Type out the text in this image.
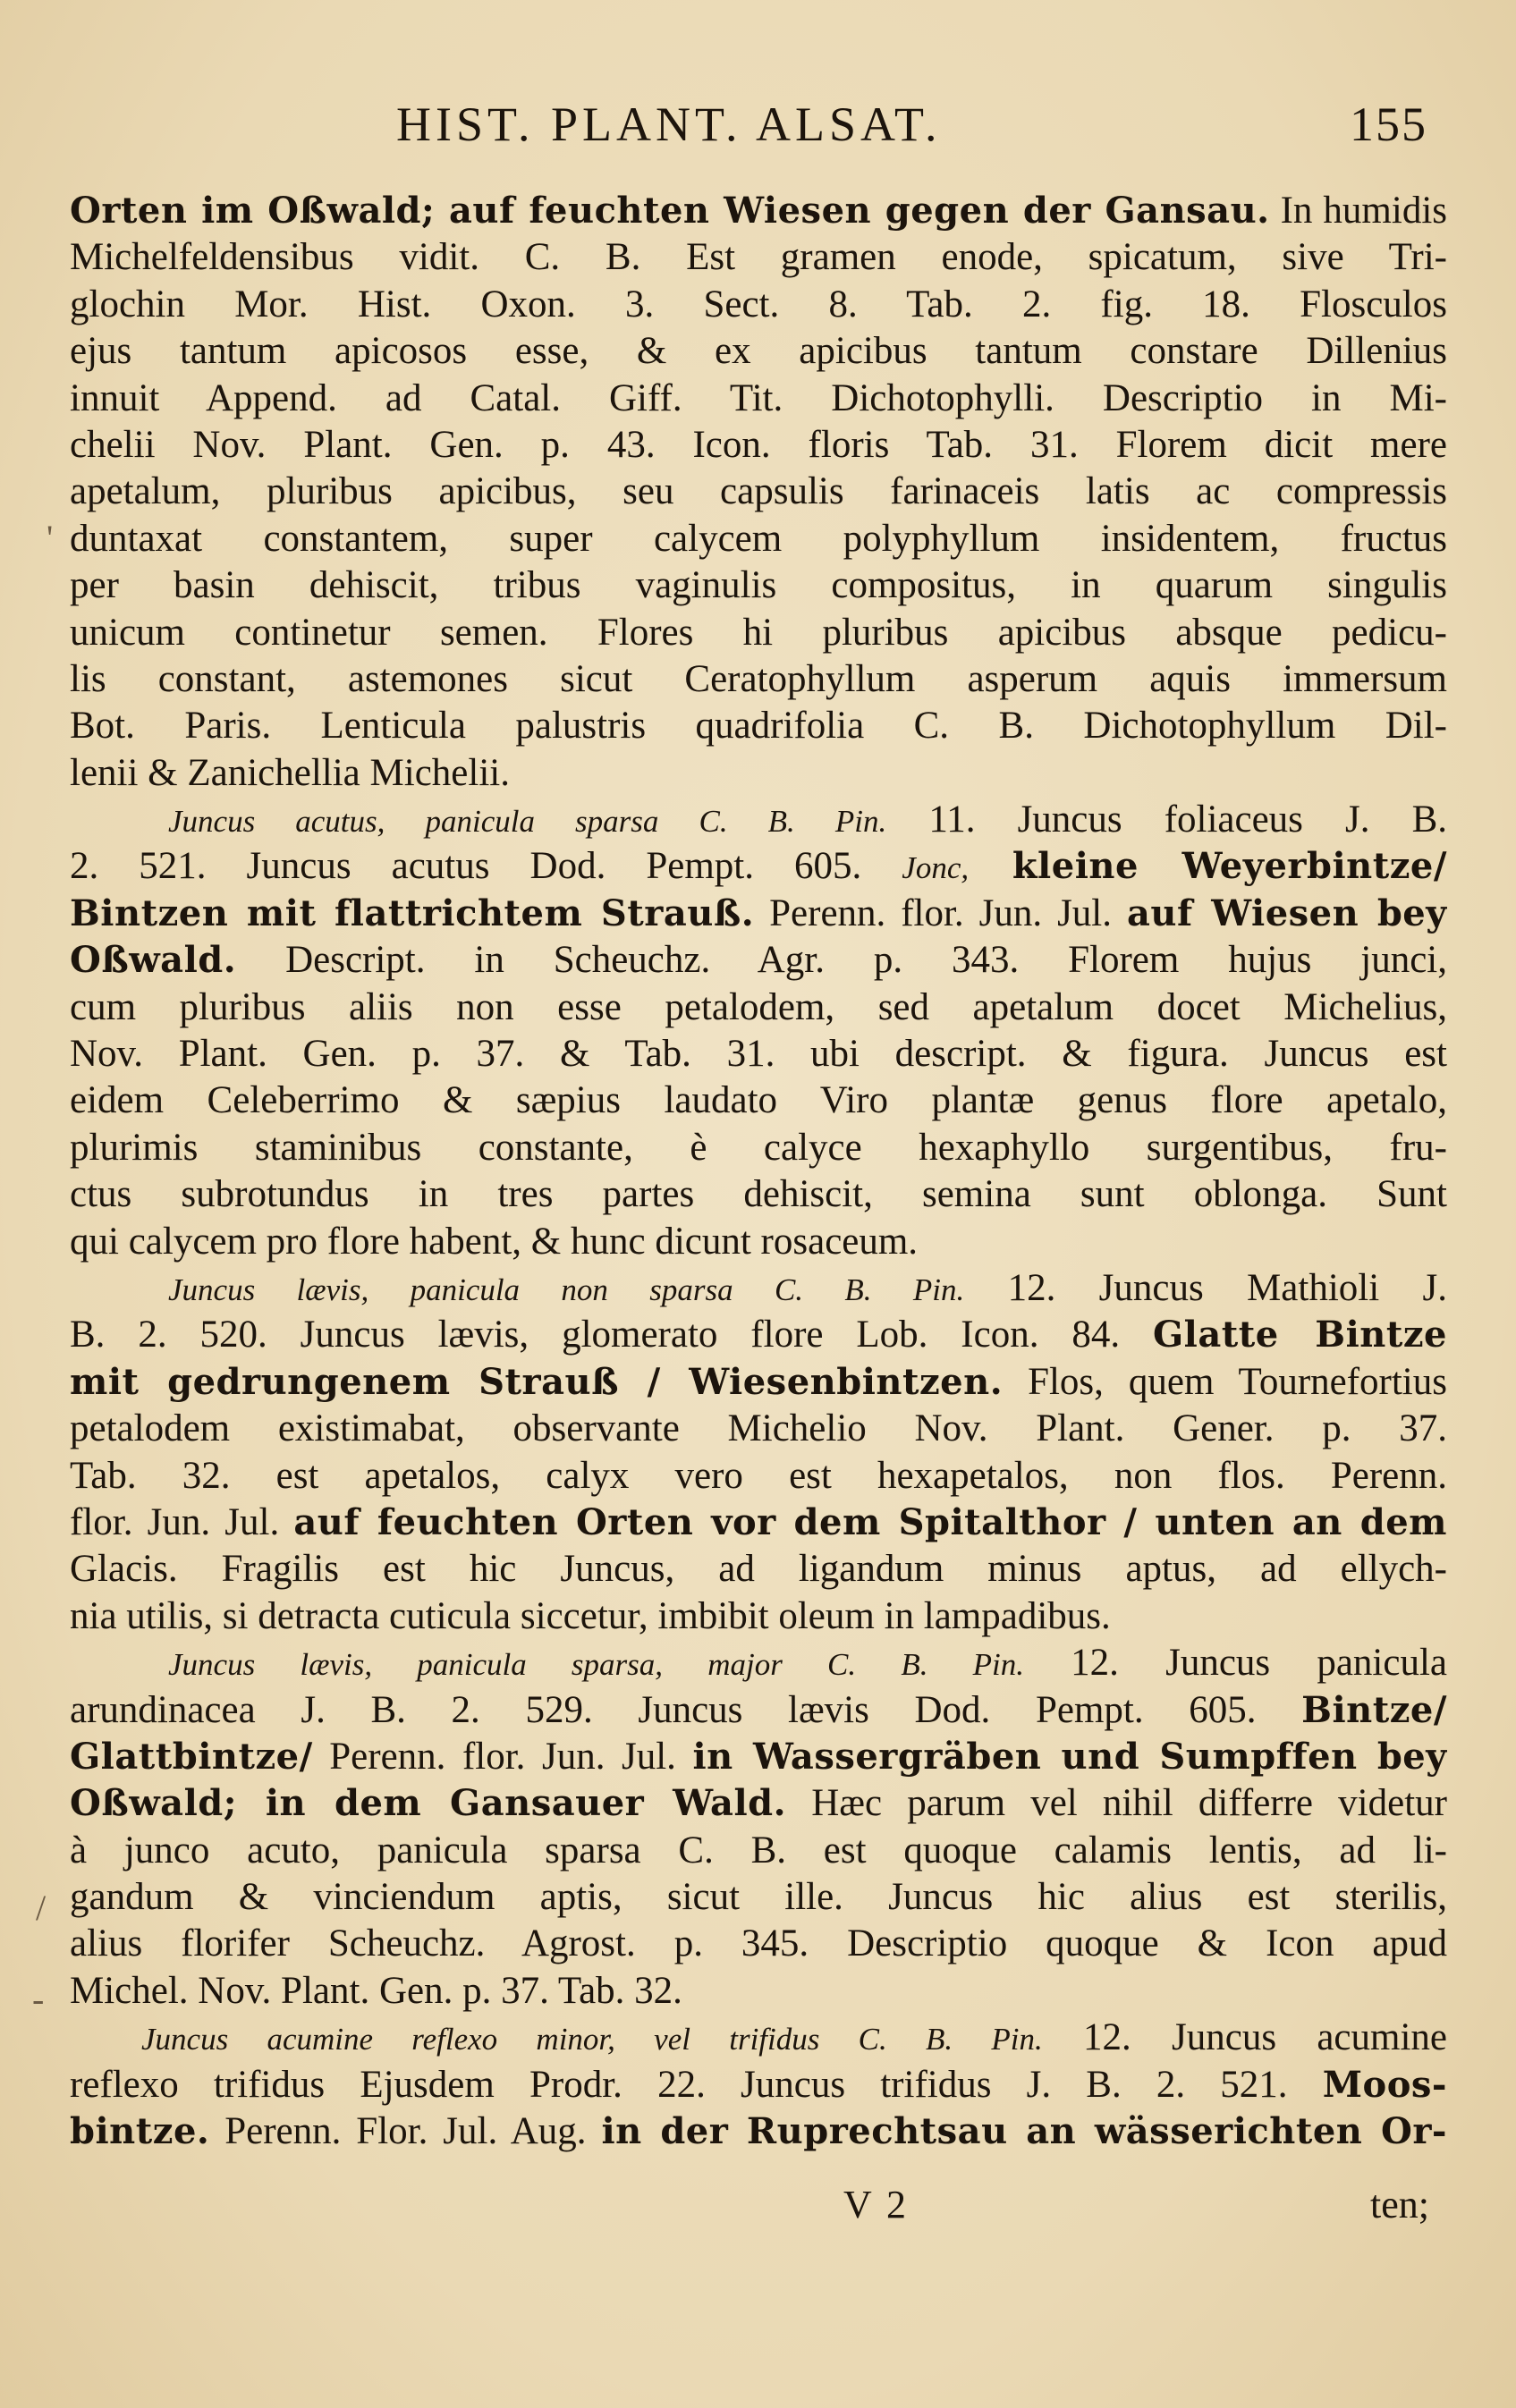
HIST. PLANT. ALSAT.	155
Orten im Oßwald; auf feuchten Wiesen gegen der Gansau. In humidis
Michelfeldensibus vidit. C. B. Est gramen enode, spicatum, sive Tri-
glochin Mor. Hist. Oxon. 3. Sect. 8. Tab. 2. fig. 18. Flosculos
ejus tantum apicosos esse, & ex apicibus tantum constare Dillenius
innuit Append. ad Catal. Giff. Tit. Dichotophylli. Descriptio in Mi-
chelii Nov. Plant. Gen. p. 43. Icon. floris Tab. 31. Florem dicit mere
apetalum, pluribus apicibus, seu capsulis farinaceis latis ac compressis
duntaxat constantem, super calycem polyphyllum insidentem, fructus
per basin dehiscit, tribus vaginulis compositus, in quarum singulis
unicum continetur semen. Flores hi pluribus apicibus absque pedicu-
lis constant, astemones sicut Ceratophyllum asperum aquis immersum
Bot. Paris. Lenticula palustris quadrifolia C. B. Dichotophyllum Dil-
lenii & Zanichellia Michelii.
Juncus acutus, panicula sparsa C. B. Pin. 11. Juncus foliaceus J. B.
2. 521. Juncus acutus Dod. Pempt. 605. Jonc, kleine Weyerbintze/
Bintzen mit flattrichtem Strauß. Perenn. flor. Jun. Jul. auf Wiesen bey
Oßwald. Descript. in Scheuchz. Agr. p. 343. Florem hujus junci,
cum pluribus aliis non esse petalodem, sed apetalum docet Michelius,
Nov. Plant. Gen. p. 37. & Tab. 31. ubi descript. & figura. Juncus est
eidem Celeberrimo & sæpius laudato Viro plantæ genus flore apetalo,
plurimis staminibus constante, è calyce hexaphyllo surgentibus, fru-
ctus subrotundus in tres partes dehiscit, semina sunt oblonga. Sunt
qui calycem pro flore habent, & hunc dicunt rosaceum.
Juncus lævis, panicula non sparsa C. B. Pin. 12. Juncus Mathioli J.
B. 2. 520. Juncus lævis, glomerato flore Lob. Icon. 84. Glatte Bintze
mit gedrungenem Strauß / Wiesenbintzen. Flos, quem Tournefortius
petalodem existimabat, observante Michelio Nov. Plant. Gener. p. 37.
Tab. 32. est apetalos, calyx vero est hexapetalos, non flos. Perenn.
flor. Jun. Jul. auf feuchten Orten vor dem Spitalthor / unten an dem
Glacis. Fragilis est hic Juncus, ad ligandum minus aptus, ad ellych-
nia utilis, si detracta cuticula siccetur, imbibit oleum in lampadibus.
Juncus lævis, panicula sparsa, major C. B. Pin. 12. Juncus panicula
arundinacea J. B. 2. 529. Juncus lævis Dod. Pempt. 605. Bintze/
Glattbintze/ Perenn. flor. Jun. Jul. in Wassergräben und Sumpffen bey
Oßwald; in dem Gansauer Wald. Hæc parum vel nihil differre videtur
à junco acuto, panicula sparsa C. B. est quoque calamis lentis, ad li-
gandum & vinciendum aptis, sicut ille. Juncus hic alius est sterilis,
alius florifer Scheuchz. Agrost. p. 345. Descriptio quoque & Icon apud
Michel. Nov. Plant. Gen. p. 37. Tab. 32.
Juncus acumine reflexo minor, vel trifidus C. B. Pin. 12. Juncus acumine
reflexo trifidus Ejusdem Prodr. 22. Juncus trifidus J. B. 2. 521. Moos-
bintze. Perenn. Flor. Jul. Aug. in der Ruprechtsau an wässerichten Or-
'
/
-
V 2	ten;
